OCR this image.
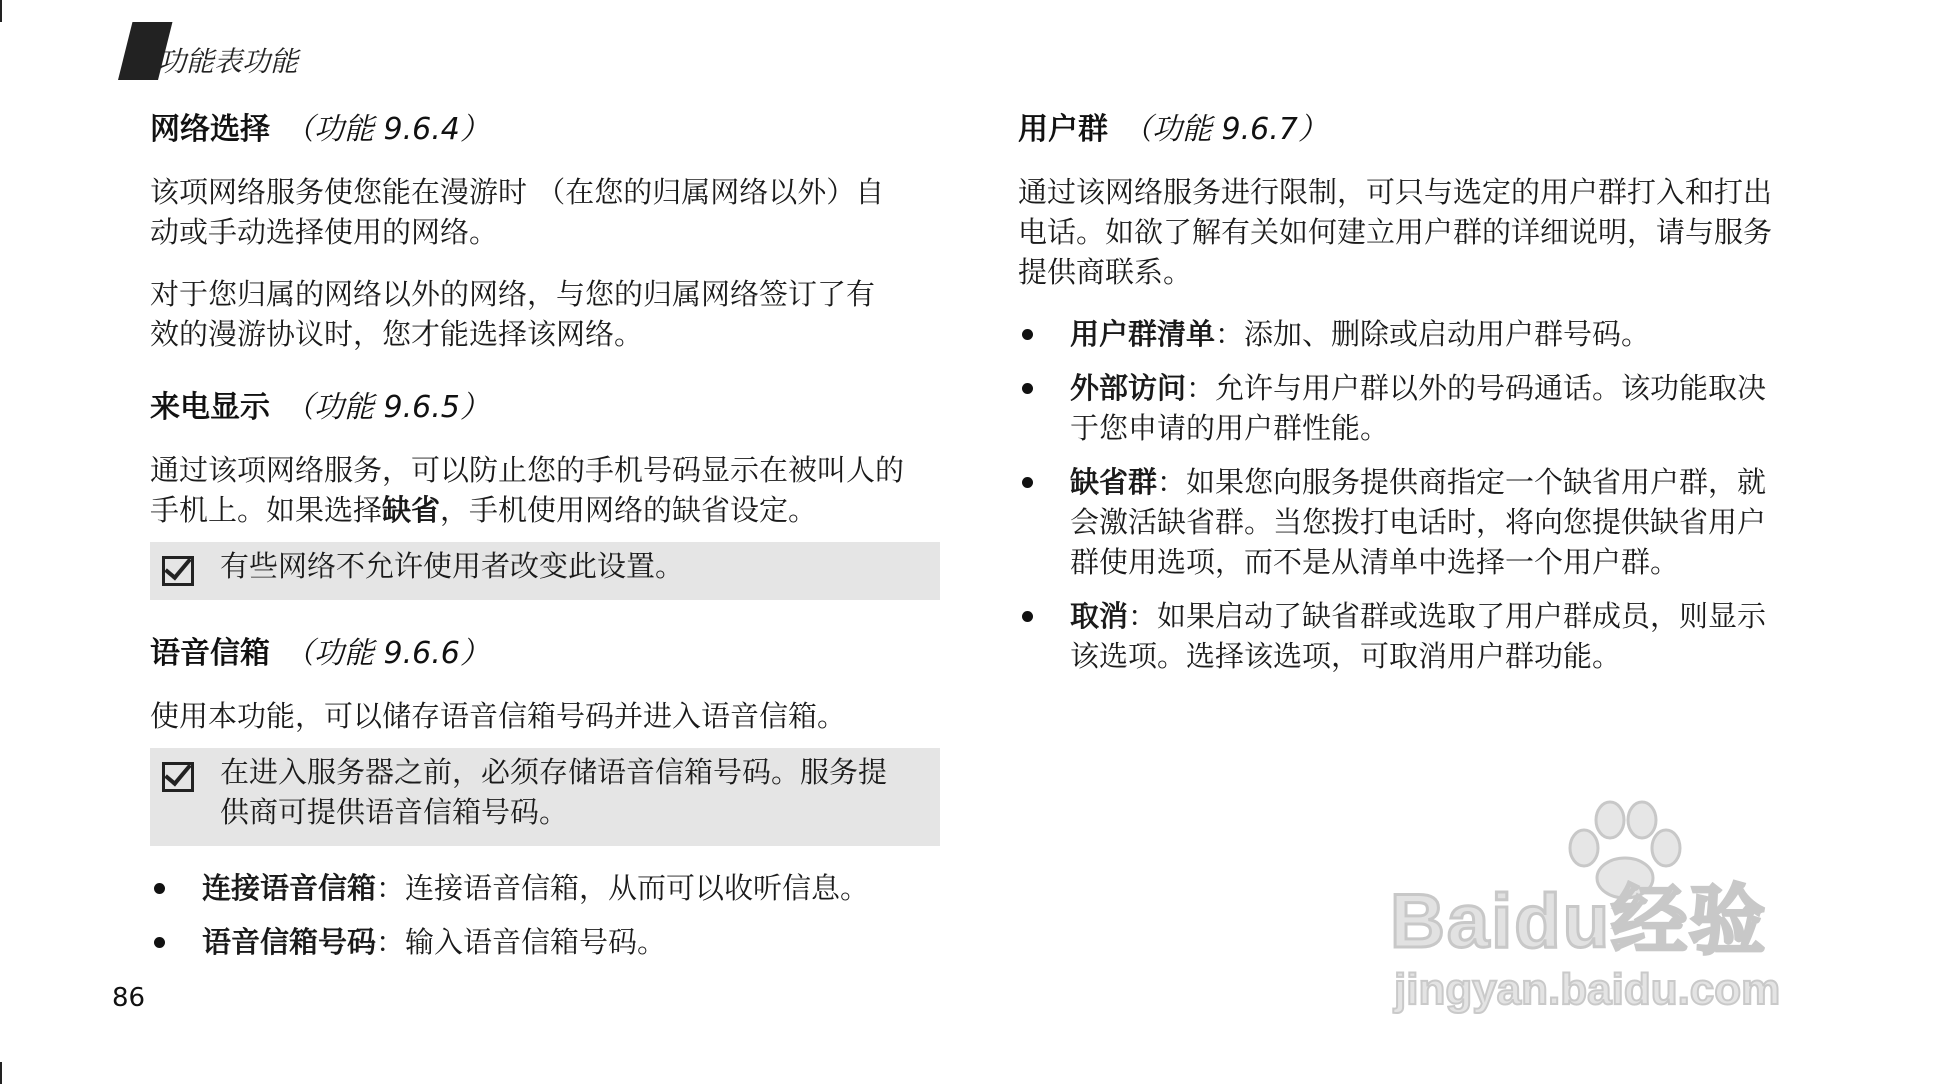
功能表功能
网络选择 （功能 9.6.4）

该项网络服务使您能在漫游时 （在您的归属网络以外）自
动或手动选择使用的网络。

对于您归属的网络以外的网络，与您的归属网络签订了有
效的漫游协议时，您才能选择该网络。

来电显示 （功能 9.6.5）

通过该项网络服务，可以防止您的手机号码显示在被叫人的
手机上。如果选择缺省，手机使用网络的缺省设定。

有些网络不允许使用者改变此设置。
语音信箱 （功能 9.6.6）

使用本功能，可以储存语音信箱号码并进入语音信箱。

在进入服务器之前，必须存储语音信箱号码。服务提
供商可提供语音信箱号码。
连接语音信箱：连接语音信箱，从而可以收听信息。
语音信箱号码：输入语音信箱号码。
用户群 （功能 9.6.7）

通过该网络服务进行限制，可只与选定的用户群打入和打出
电话。如欲了解有关如何建立用户群的详细说明，请与服务
提供商联系。

用户群清单：添加、删除或启动用户群号码。
外部访问：允许与用户群以外的号码通话。该功能取决
于您申请的用户群性能。
缺省群：如果您向服务提供商指定一个缺省用户群，就
会激活缺省群。当您拨打电话时，将向您提供缺省用户
群使用选项，而不是从清单中选择一个用户群。
取消：如果启动了缺省群或选取了用户群成员，则显示
该选项。选择该选项，可取消用户群功能。
86
Baidu经验
jingyan.baidu.com
